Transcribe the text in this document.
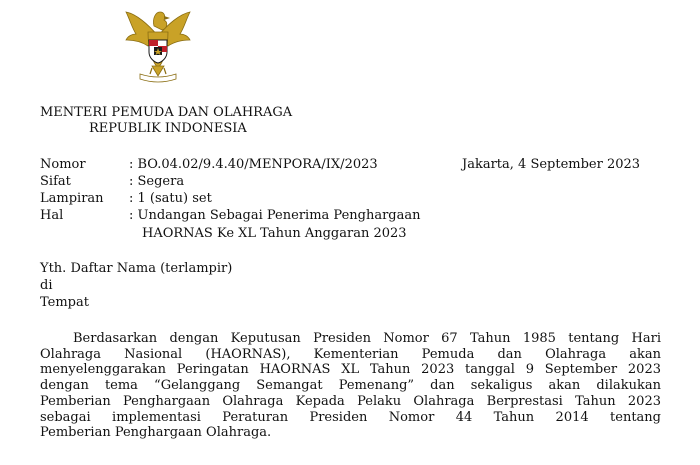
MENTERI PEMUDA DAN OLAHRAGA
REPUBLIK INDONESIA
Nomor	: BO.04.02/9.4.40/MENPORA/IX/2023	Jakarta, 4 September 2023
Sifat	: Segera
Lampiran : 1 (satu) set
Hal	: Undangan Sebagai Penerima Penghargaan
HAORNAS Ke XL Tahun Anggaran 2023
Yth. Daftar Nama (terlampir)
di
Tempat
Berdasarkan dengan Keputusan Presiden Nomor 67 Tahun 1985 tentang Hari
Olahraga Nasional (HAORNAS), Kementerian Pemuda dan Olahraga akan
menyelenggarakan Peringatan HAORNAS XL Tahun 2023 tanggal 9 September 2023
dengan tema “Gelanggang Semangat Pemenang” dan sekaligus akan dilakukan
Pemberian Penghargaan Olahraga Kepada Pelaku Olahraga Berprestasi Tahun 2023
sebagai implementasi Peraturan Presiden Nomor 44 Tahun 2014 tentang
Pemberian Penghargaan Olahraga.
